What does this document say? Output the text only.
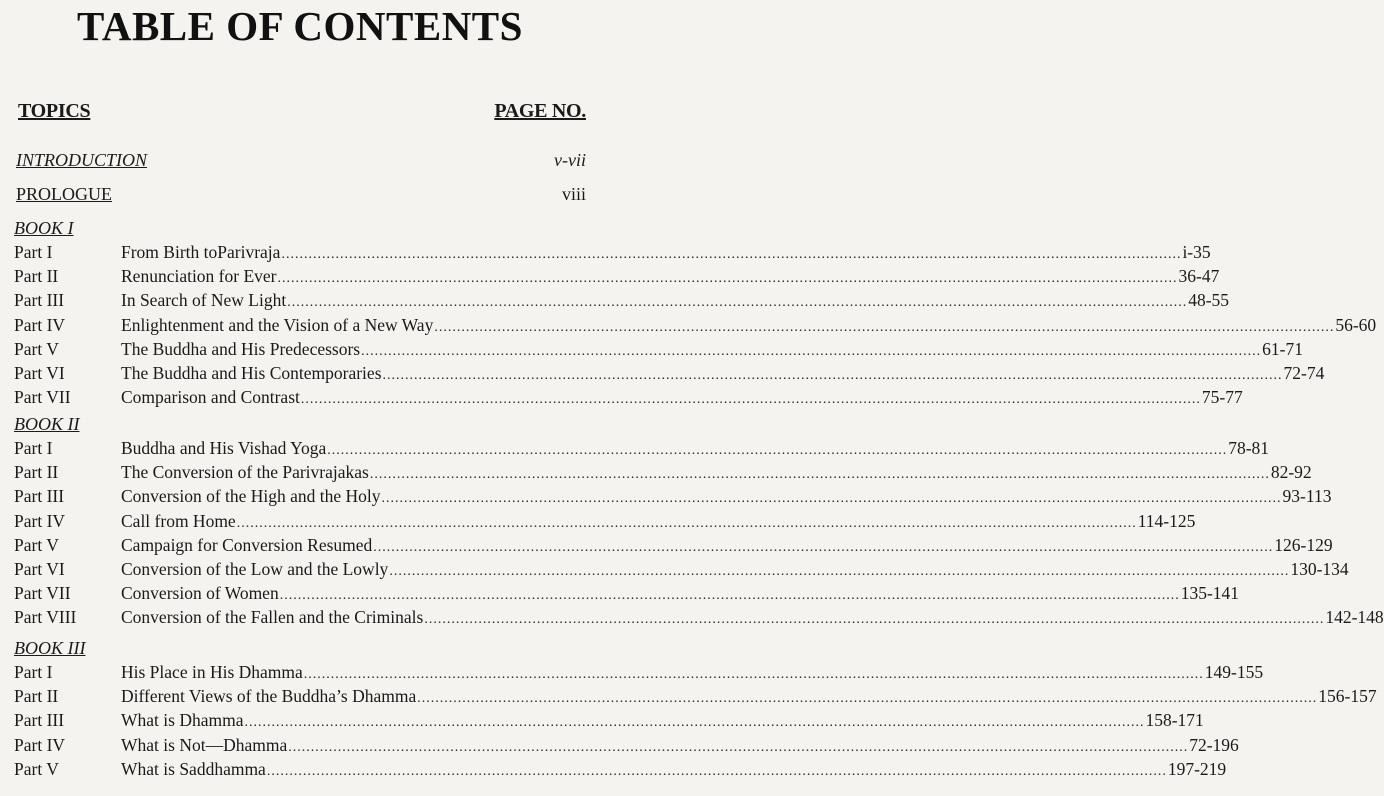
TABLE OF CONTENTS
TOPICS	PAGE NO.
INTRODUCTION	v-vii
PROLOGUE	viii
BOOK I
Part I	From Birth toParivraja ........................................................................................................................................................................................................ i-35
Part II	Renunciation for Ever ........................................................................................................................................................................................................ 36-47
Part III	In Search of New Light ........................................................................................................................................................................................................ 48-55
Part IV	Enlightenment and the Vision of a New Way ........................................................................................................................................................................................................ 56-60
Part V	The Buddha and His Predecessors ........................................................................................................................................................................................................ 61-71
Part VI	The Buddha and His Contemporaries ........................................................................................................................................................................................................ 72-74
Part VII	Comparison and Contrast ........................................................................................................................................................................................................ 75-77
BOOK II
Part I	Buddha and His Vishad Yoga ........................................................................................................................................................................................................ 78-81
Part II	The Conversion of the Parivrajakas ........................................................................................................................................................................................................ 82-92
Part III	Conversion of the High and the Holy ........................................................................................................................................................................................................ 93-113
Part IV	Call from Home ........................................................................................................................................................................................................ 114-125
Part V	Campaign for Conversion Resumed ........................................................................................................................................................................................................ 126-129
Part VI	Conversion of the Low and the Lowly ........................................................................................................................................................................................................ 130-134
Part VII	Conversion of Women ........................................................................................................................................................................................................ 135-141
Part VIII	Conversion of the Fallen and the Criminals ........................................................................................................................................................................................................ 142-148
BOOK III
Part I	His Place in His Dhamma ........................................................................................................................................................................................................ 149-155
Part II	Different Views of the Buddha’s Dhamma ........................................................................................................................................................................................................ 156-157
Part III	What is Dhamma ........................................................................................................................................................................................................ 158-171
Part IV	What is Not—Dhamma ........................................................................................................................................................................................................ 72-196
Part V	What is Saddhamma ........................................................................................................................................................................................................ 197-219
